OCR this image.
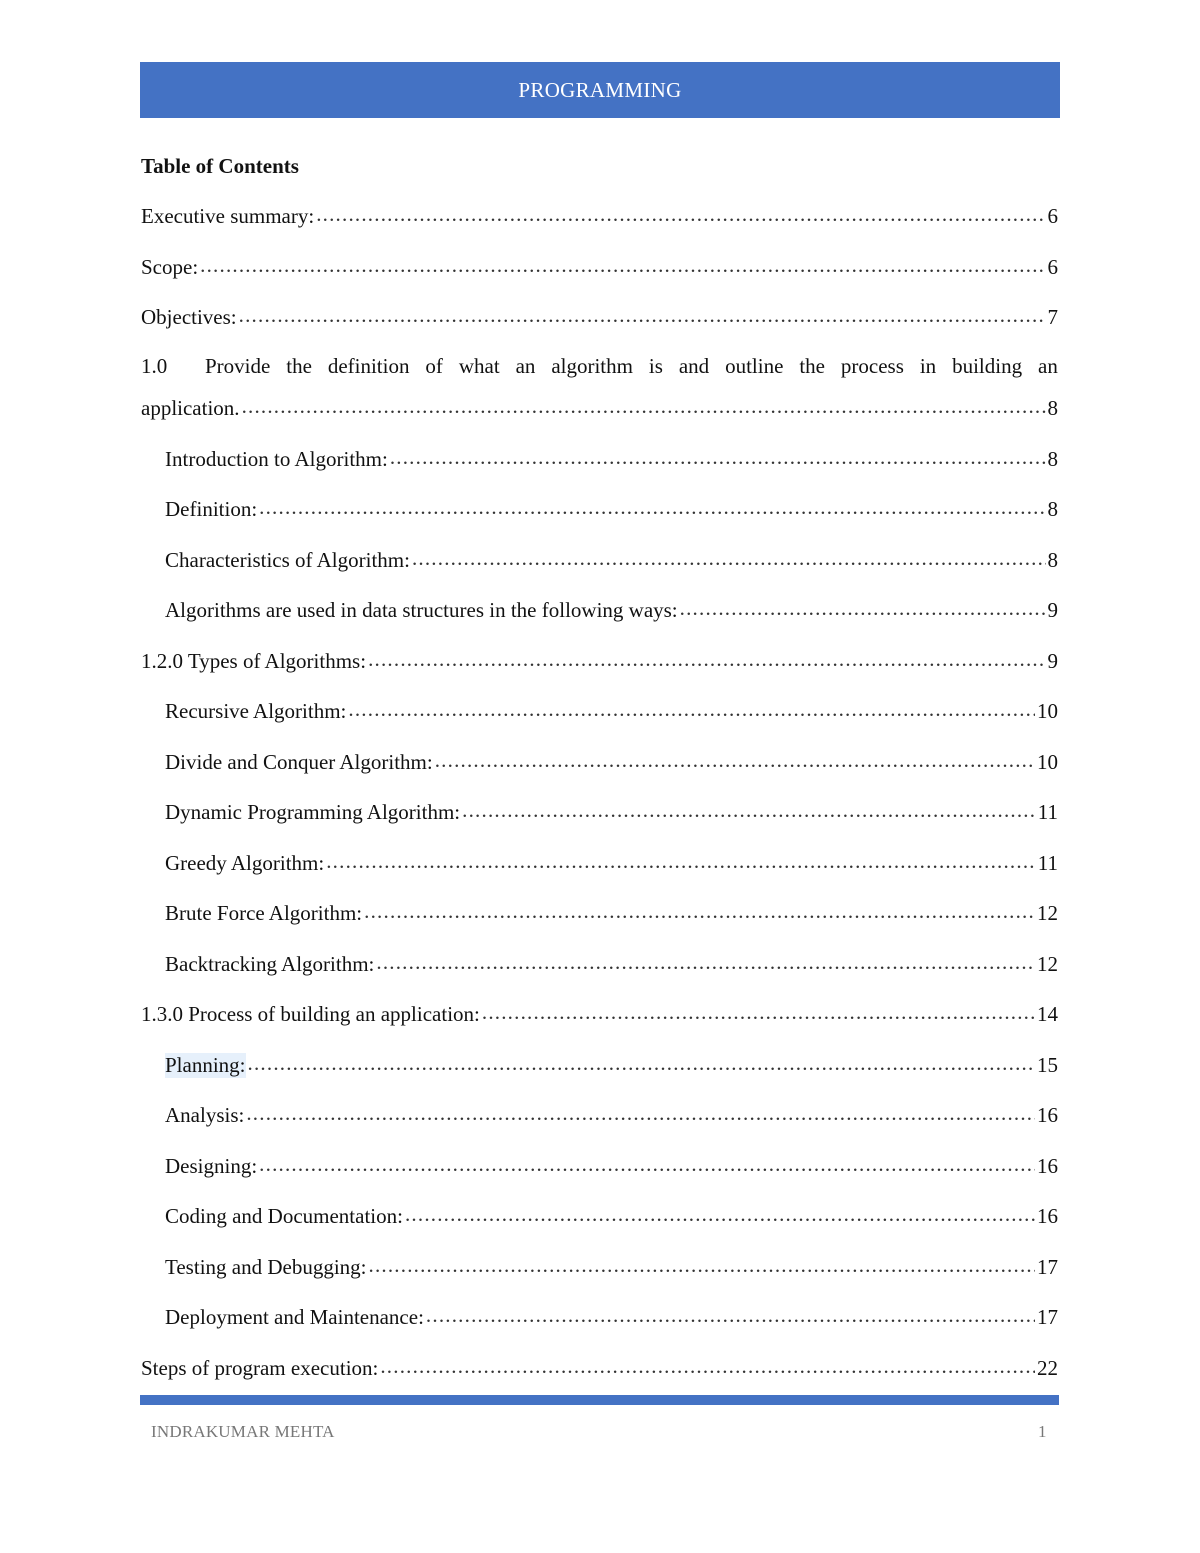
PROGRAMMING
Table of Contents
Executive summary: .....	6
Scope: .....	6
Objectives: .....	7
1.0	Provide the definition of what an algorithm is and outline the process in building an
application. .....	8
Introduction to Algorithm: .....	8
Definition: .....	8
Characteristics of Algorithm: .....	8
Algorithms are used in data structures in the following ways: .....	9
1.2.0 Types of Algorithms: .....	9
Recursive Algorithm: .....	10
Divide and Conquer Algorithm: .....	10
Dynamic Programming Algorithm: .....	11
Greedy Algorithm: .....	11
Brute Force Algorithm: .....	12
Backtracking Algorithm: .....	12
1.3.0 Process of building an application: .....	14
Planning: .....	15
Analysis: .....	16
Designing: .....	16
Coding and Documentation: .....	16
Testing and Debugging: .....	17
Deployment and Maintenance: .....	17
Steps of program execution: .....	22
INDRAKUMAR MEHTA	1
